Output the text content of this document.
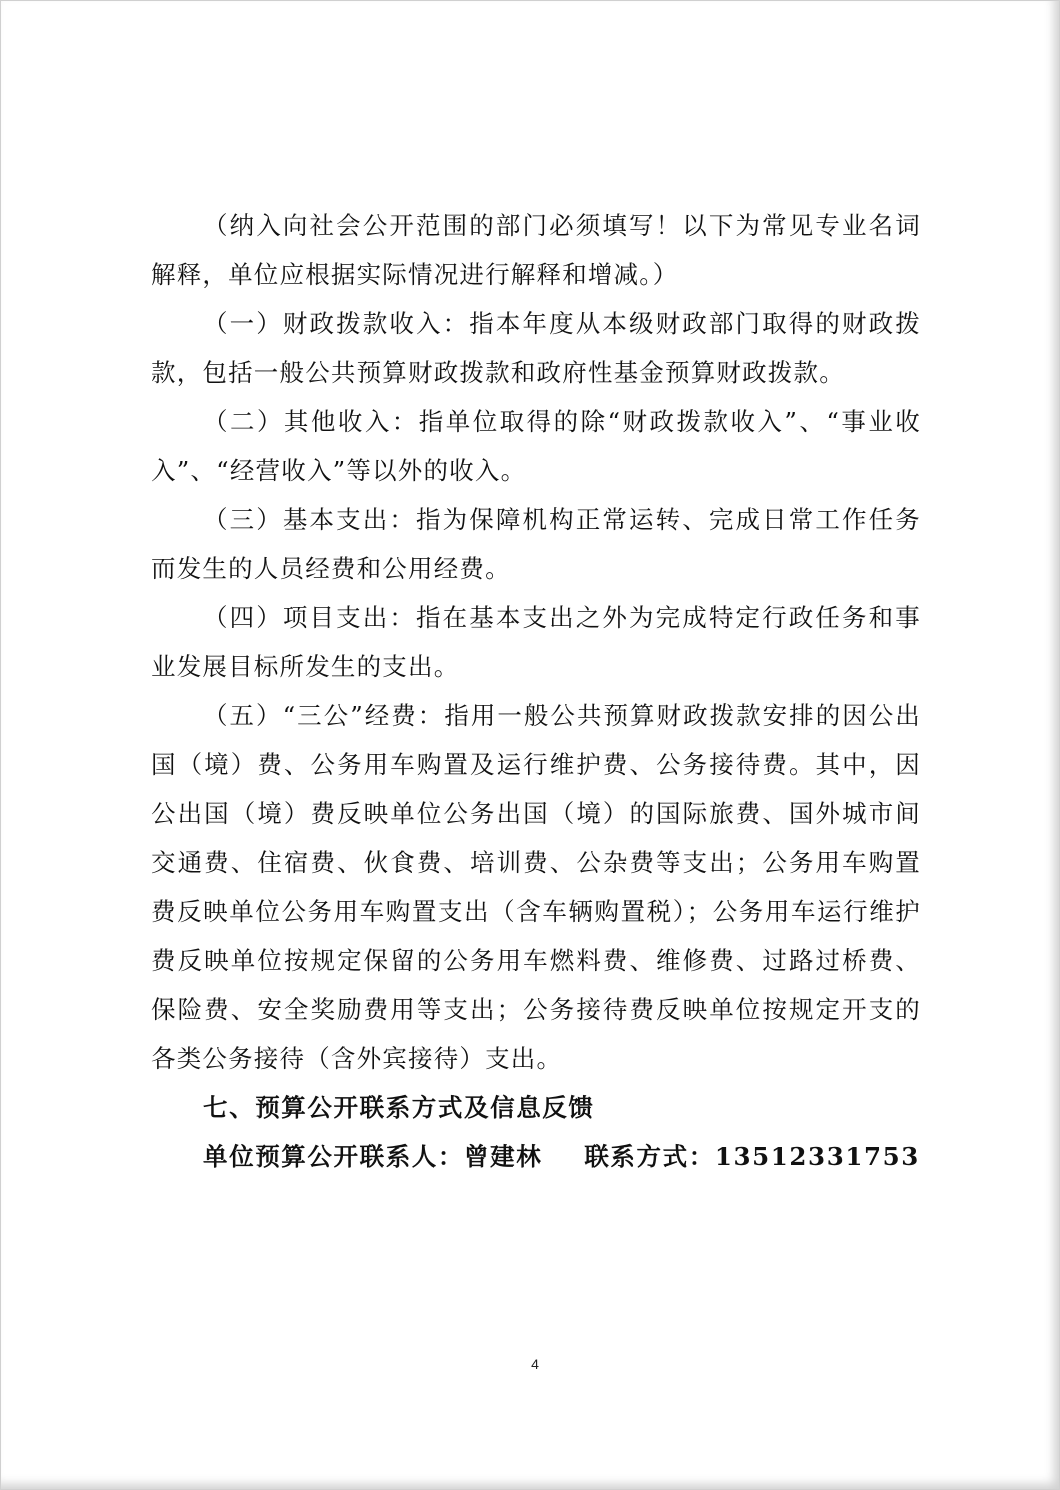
（纳入向社会公开范围的部门必须填写！以下为常见专业名词解释，单位应根据实际情况进行解释和增减。）

（一）财政拨款收入：指本年度从本级财政部门取得的财政拨款，包括一般公共预算财政拨款和政府性基金预算财政拨款。

（二）其他收入：指单位取得的除“财政拨款收入”、“事业收入”、“经营收入”等以外的收入。

（三）基本支出：指为保障机构正常运转、完成日常工作任务而发生的人员经费和公用经费。

（四）项目支出：指在基本支出之外为完成特定行政任务和事业发展目标所发生的支出。

（五）“三公”经费：指用一般公共预算财政拨款安排的因公出国（境）费、公务用车购置及运行维护费、公务接待费。其中，因公出国（境）费反映单位公务出国（境）的国际旅费、国外城市间交通费、住宿费、伙食费、培训费、公杂费等支出；公务用车购置费反映单位公务用车购置支出（含车辆购置税）；公务用车运行维护费反映单位按规定保留的公务用车燃料费、维修费、过路过桥费、保险费、安全奖励费用等支出；公务接待费反映单位按规定开支的各类公务接待（含外宾接待）支出。

七、预算公开联系方式及信息反馈

单位预算公开联系人：曾建林 联系方式：13512331753

4
